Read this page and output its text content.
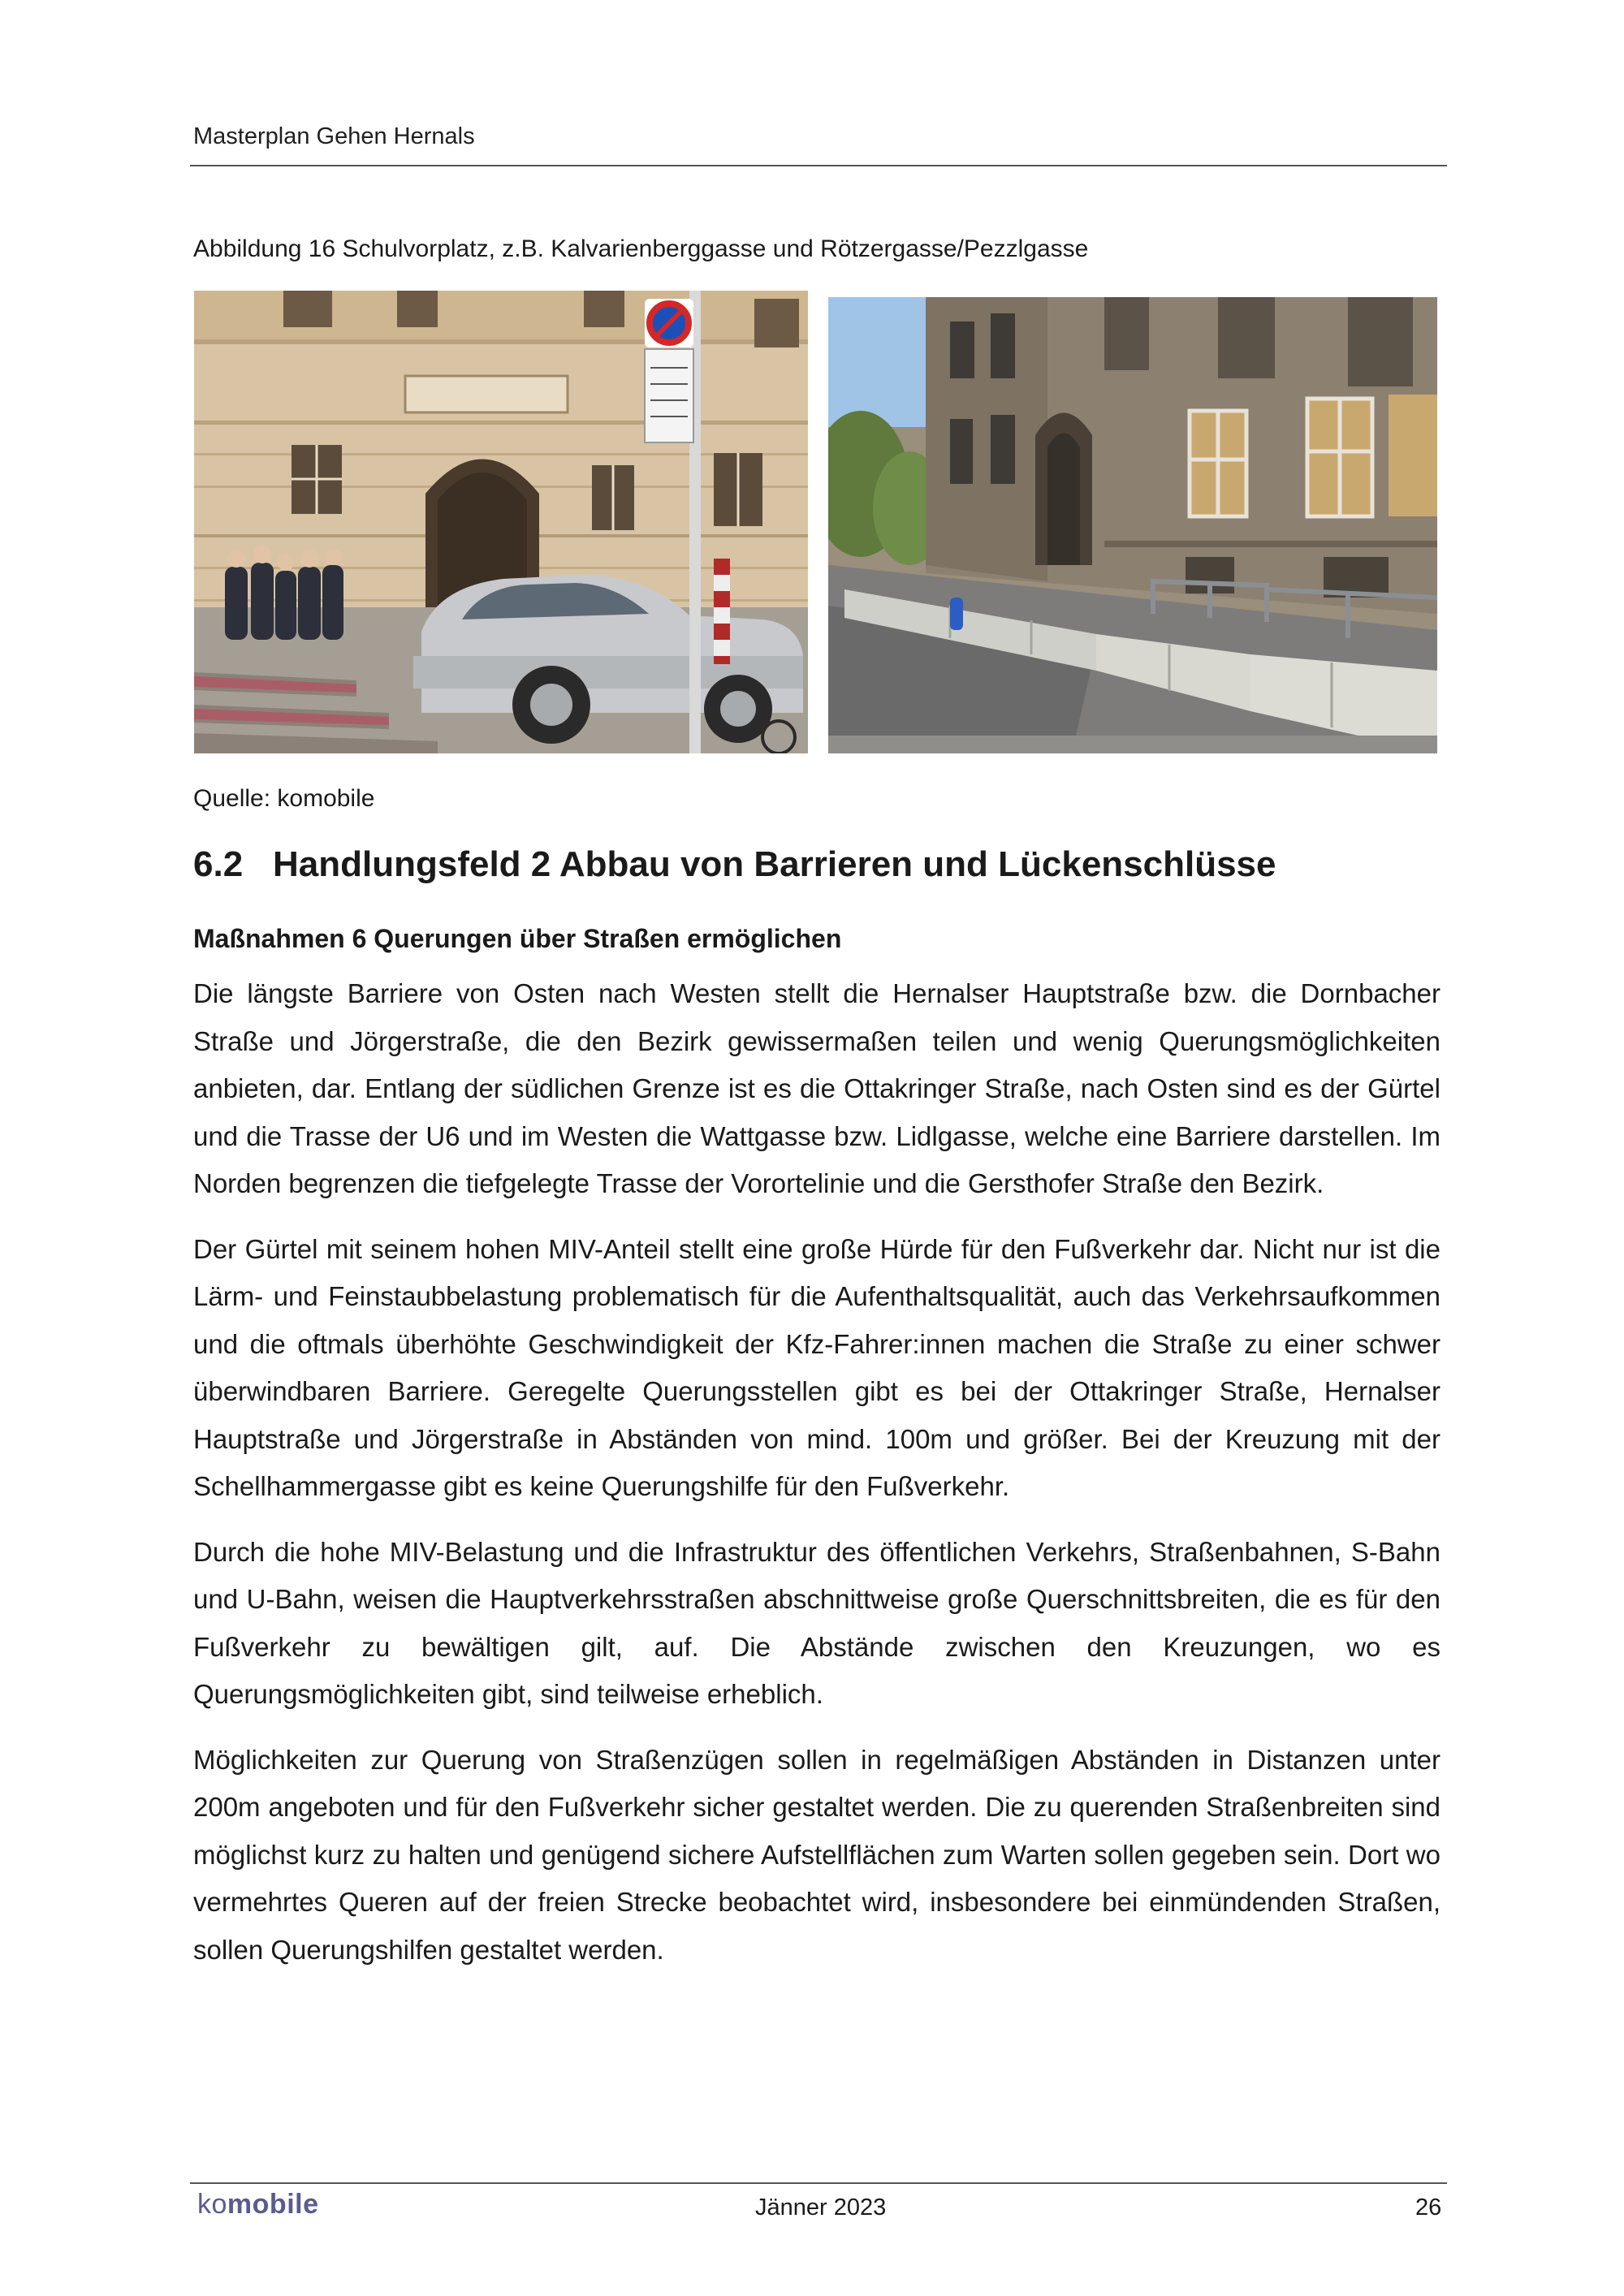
Masterplan Gehen Hernals
Abbildung 16 Schulvorplatz, z.B. Kalvarienberggasse und Rötzergasse/Pezzlgasse
Quelle: komobile
6.2 Handlungsfeld 2 Abbau von Barrieren und Lückenschlüsse
Maßnahmen 6 Querungen über Straßen ermöglichen

Die längste Barriere von Osten nach Westen stellt die Hernalser Hauptstraße bzw. die Dornbacher Straße und Jörgerstraße, die den Bezirk gewissermaßen teilen und wenig Querungsmöglichkeiten anbieten, dar. Entlang der südlichen Grenze ist es die Ottakringer Straße, nach Osten sind es der Gürtel und die Trasse der U6 und im Westen die Wattgasse bzw. Lidlgasse, welche eine Barriere darstellen. Im Norden begrenzen die tiefgelegte Trasse der Vorortelinie und die Gersthofer Straße den Bezirk.

Der Gürtel mit seinem hohen MIV-Anteil stellt eine große Hürde für den Fußverkehr dar. Nicht nur ist die Lärm- und Feinstaubbelastung problematisch für die Aufenthaltsqualität, auch das Verkehrsaufkommen und die oftmals überhöhte Geschwindigkeit der Kfz-Fahrer:innen machen die Straße zu einer schwer überwindbaren Barriere. Geregelte Querungsstellen gibt es bei der Ottakringer Straße, Hernalser Hauptstraße und Jörgerstraße in Abständen von mind. 100m und größer. Bei der Kreuzung mit der Schellhammergasse gibt es keine Querungshilfe für den Fußverkehr.

Durch die hohe MIV-Belastung und die Infrastruktur des öffentlichen Verkehrs, Straßenbahnen, S-Bahn und U-Bahn, weisen die Hauptverkehrsstraßen abschnittweise große Querschnittsbreiten, die es für den Fußverkehr zu bewältigen gilt, auf. Die Abstände zwischen den Kreuzungen, wo es Querungsmöglichkeiten gibt, sind teilweise erheblich.

Möglichkeiten zur Querung von Straßenzügen sollen in regelmäßigen Abständen in Distanzen unter 200m angeboten und für den Fußverkehr sicher gestaltet werden. Die zu querenden Straßenbreiten sind möglichst kurz zu halten und genügend sichere Aufstellflächen zum Warten sollen gegeben sein. Dort wo vermehrtes Queren auf der freien Strecke beobachtet wird, insbesondere bei einmündenden Straßen, sollen Querungshilfen gestaltet werden.

komobile	Jänner 2023	26
